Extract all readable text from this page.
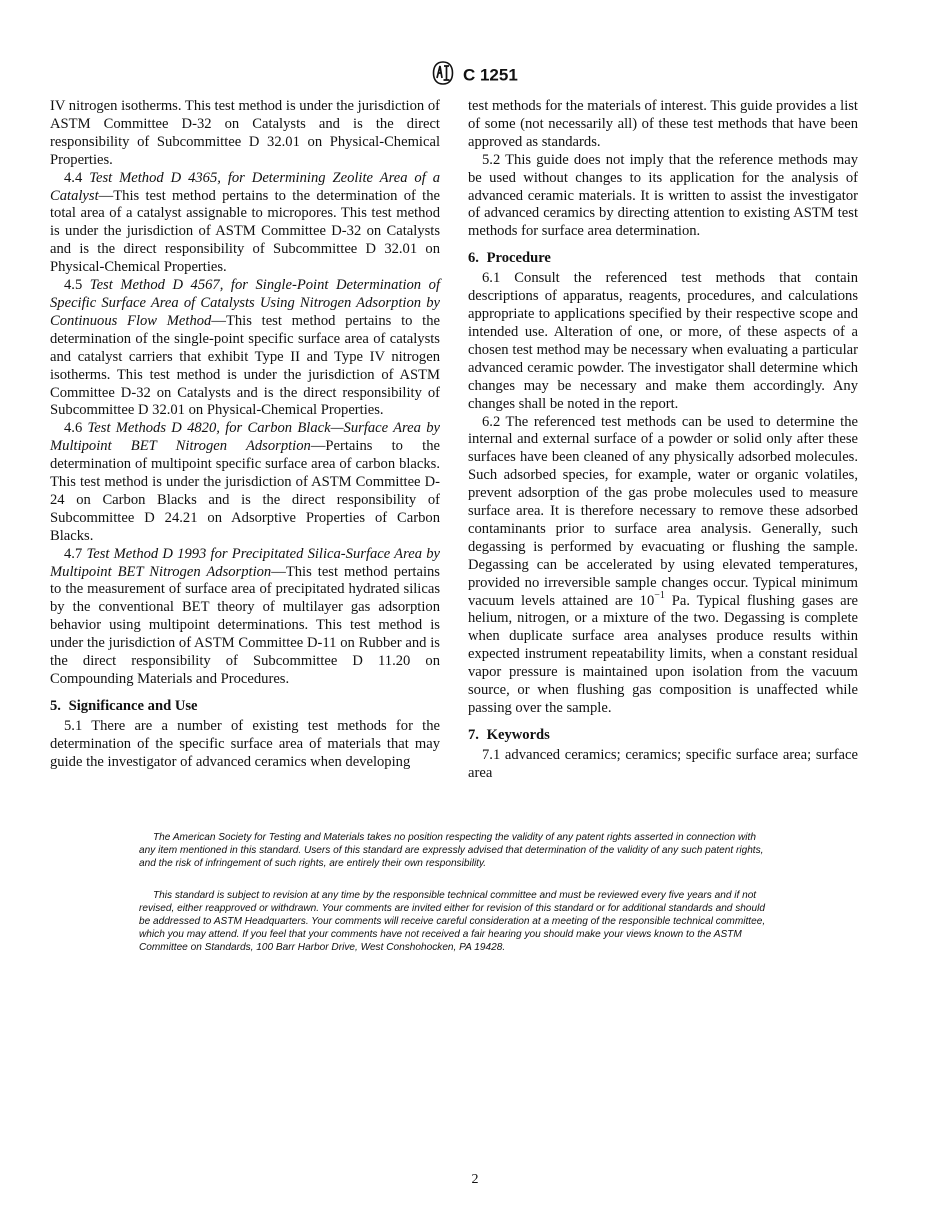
C 1251

IV nitrogen isotherms. This test method is under the jurisdiction of ASTM Committee D-32 on Catalysts and is the direct responsibility of Subcommittee D 32.01 on Physical-Chemical Properties.

4.4 Test Method D 4365, for Determining Zeolite Area of a Catalyst—This test method pertains to the determination of the total area of a catalyst assignable to micropores. This test method is under the jurisdiction of ASTM Committee D-32 on Catalysts and is the direct responsibility of Subcommittee D 32.01 on Physical-Chemical Properties.

4.5 Test Method D 4567, for Single-Point Determination of Specific Surface Area of Catalysts Using Nitrogen Adsorption by Continuous Flow Method—This test method pertains to the determination of the single-point specific surface area of catalysts and catalyst carriers that exhibit Type II and Type IV nitrogen isotherms. This test method is under the jurisdiction of ASTM Committee D-32 on Catalysts and is the direct responsibility of Subcommittee D 32.01 on Physical-Chemical Properties.

4.6 Test Methods D 4820, for Carbon Black—Surface Area by Multipoint BET Nitrogen Adsorption—Pertains to the determination of multipoint specific surface area of carbon blacks. This test method is under the jurisdiction of ASTM Committee D-24 on Carbon Blacks and is the direct responsibility of Subcommittee D 24.21 on Adsorptive Properties of Carbon Blacks.

4.7 Test Method D 1993 for Precipitated Silica-Surface Area by Multipoint BET Nitrogen Adsorption—This test method pertains to the measurement of surface area of precipitated hydrated silicas by the conventional BET theory of multilayer gas adsorption behavior using multipoint determinations. This test method is under the jurisdiction of ASTM Committee D-11 on Rubber and is the direct responsibility of Subcommittee D 11.20 on Compounding Materials and Procedures.

5. Significance and Use

5.1 There are a number of existing test methods for the determination of the specific surface area of materials that may guide the investigator of advanced ceramics when developing

test methods for the materials of interest. This guide provides a list of some (not necessarily all) of these test methods that have been approved as standards.

5.2 This guide does not imply that the reference methods may be used without changes to its application for the analysis of advanced ceramic materials. It is written to assist the investigator of advanced ceramics by directing attention to existing ASTM test methods for surface area determination.

6. Procedure

6.1 Consult the referenced test methods that contain descriptions of apparatus, reagents, procedures, and calculations appropriate to applications specified by their respective scope and intended use. Alteration of one, or more, of these aspects of a chosen test method may be necessary when evaluating a particular advanced ceramic powder. The investigator shall determine which changes may be necessary and make them accordingly. Any changes shall be noted in the report.

6.2 The referenced test methods can be used to determine the internal and external surface of a powder or solid only after these surfaces have been cleaned of any physically adsorbed molecules. Such adsorbed species, for example, water or organic volatiles, prevent adsorption of the gas probe molecules used to measure surface area. It is therefore necessary to remove these adsorbed contaminants prior to surface area analysis. Generally, such degassing is performed by evacuating or flushing the sample. Degassing can be accelerated by using elevated temperatures, provided no irreversible sample changes occur. Typical minimum vacuum levels attained are $10^{-1}$ Pa. Typical flushing gases are helium, nitrogen, or a mixture of the two. Degassing is complete when duplicate surface area analyses produce results within expected instrument repeatability limits, when a constant residual vapor pressure is maintained upon isolation from the vacuum source, or when flushing gas composition is unaffected while passing over the sample.

7. Keywords

7.1 advanced ceramics; ceramics; specific surface area; surface area

The American Society for Testing and Materials takes no position respecting the validity of any patent rights asserted in connection with any item mentioned in this standard. Users of this standard are expressly advised that determination of the validity of any such patent rights, and the risk of infringement of such rights, are entirely their own responsibility.

This standard is subject to revision at any time by the responsible technical committee and must be reviewed every five years and if not revised, either reapproved or withdrawn. Your comments are invited either for revision of this standard or for additional standards and should be addressed to ASTM Headquarters. Your comments will receive careful consideration at a meeting of the responsible technical committee, which you may attend. If you feel that your comments have not received a fair hearing you should make your views known to the ASTM Committee on Standards, 100 Barr Harbor Drive, West Conshohocken, PA 19428.

2
